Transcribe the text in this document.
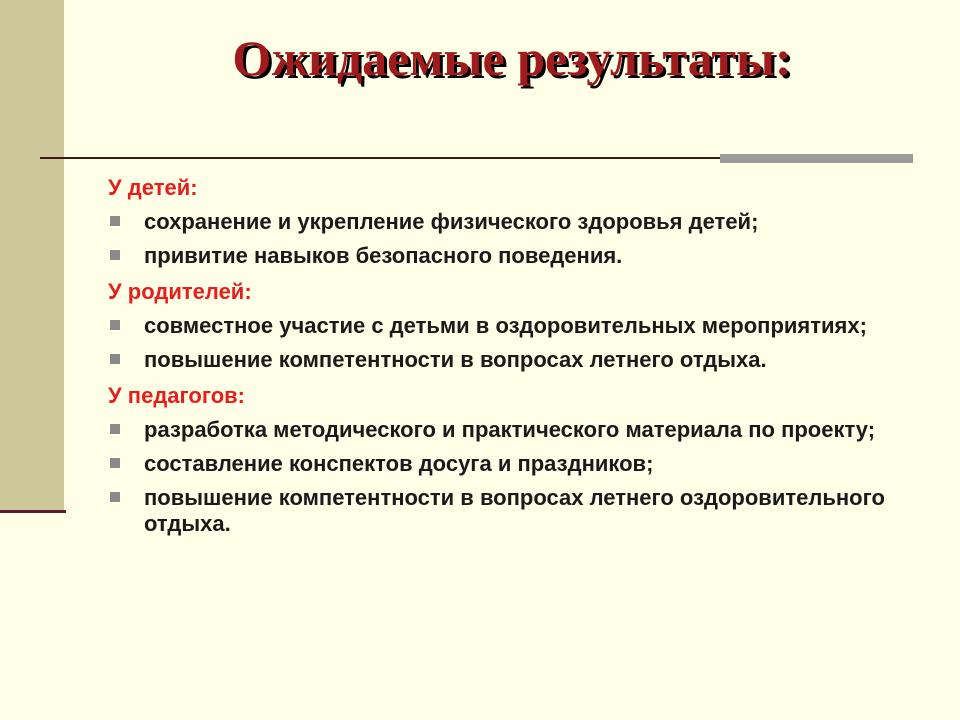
Ожидаемые результаты:
У детей:
сохранение и укрепление физического здоровья детей;
привитие навыков безопасного поведения.
У родителей:
совместное участие с детьми в оздоровительных мероприятиях;
повышение компетентности в вопросах летнего отдыха.
У педагогов:
разработка методического и практического материала по проекту;
составление конспектов досуга и праздников;
повышение компетентности в вопросах летнего оздоровительного отдыха.
